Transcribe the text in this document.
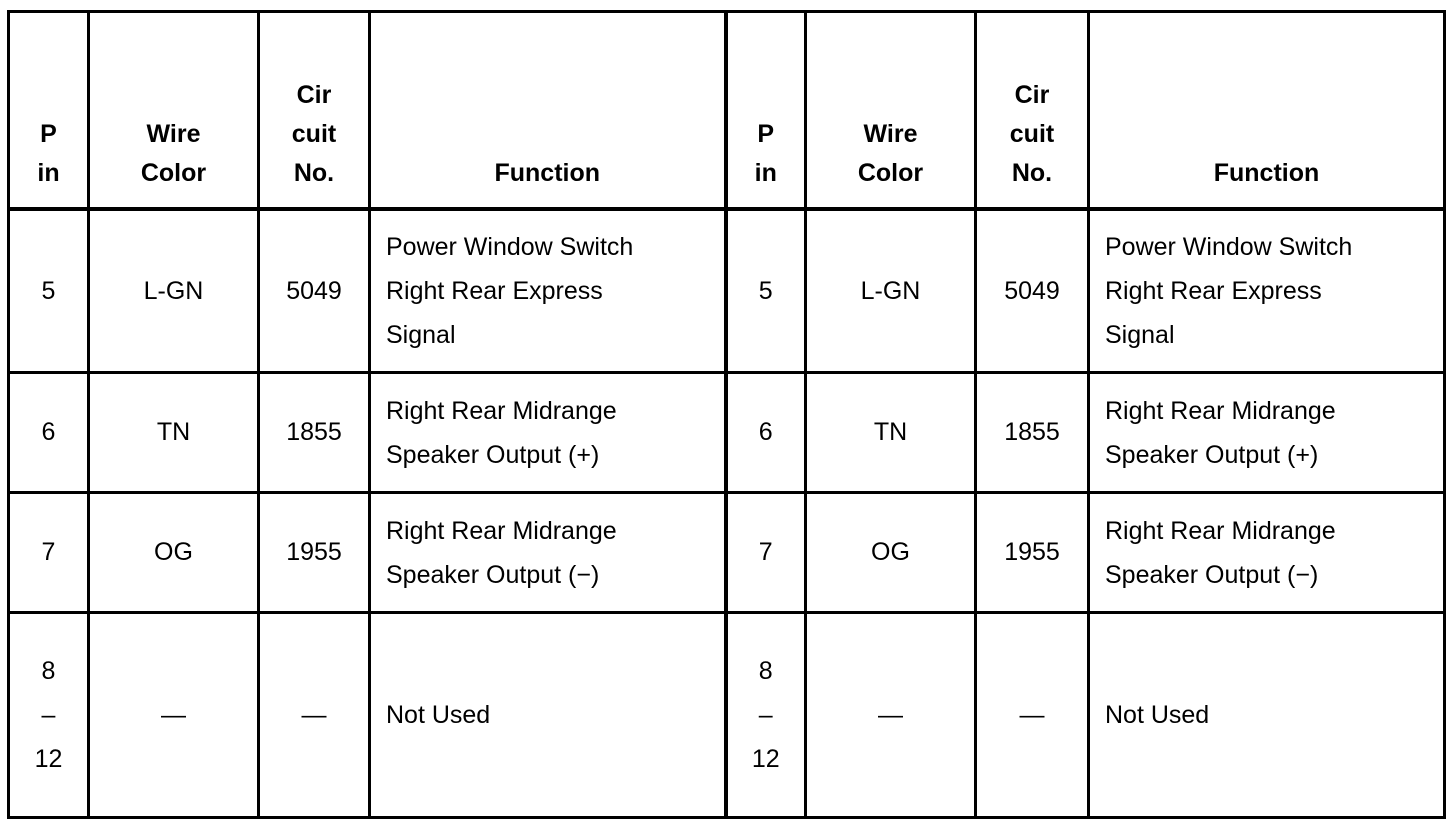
P
in	Wire
Color	Cir
cuit
No.	Function	P
in	Wire
Color	Cir
cuit
No.	Function
5	L-GN	5049	Power Window Switch
Right Rear Express
Signal	5	L-GN	5049	Power Window Switch
Right Rear Express
Signal

6	TN	1855	Right Rear Midrange
Speaker Output (+)	6	TN	1855	Right Rear Midrange
Speaker Output (+)

7	OG	1955	Right Rear Midrange
Speaker Output (−)	7	OG	1955	Right Rear Midrange
Speaker Output (−)

8
–
12	—	—	Not Used	8
–
12	—	—	Not Used
